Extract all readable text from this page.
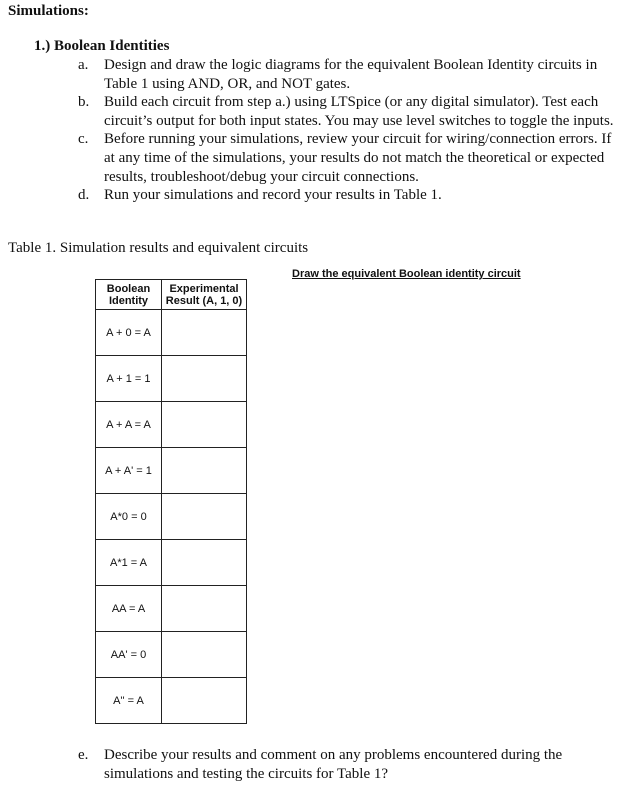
Simulations:
1.) Boolean Identities
a. Design and draw the logic diagrams for the equivalent Boolean Identity circuits in Table 1 using AND, OR, and NOT gates.
b. Build each circuit from step a.) using LTSpice (or any digital simulator). Test each circuit’s output for both input states. You may use level switches to toggle the inputs.
c. Before running your simulations, review your circuit for wiring/connection errors. If at any time of the simulations, your results do not match the theoretical or expected results, troubleshoot/debug your circuit connections.
d. Run your simulations and record your results in Table 1.
Table 1. Simulation results and equivalent circuits
Draw the equivalent Boolean identity circuit
Boolean Identity	Experimental Result (A, 1, 0)
A + 0 = A	
A + 1 = 1	
A + A = A	
A + A' = 1	
A*0 = 0	
A*1 = A	
AA = A	
AA' = 0	
A'' = A	
e. Describe your results and comment on any problems encountered during the simulations and testing the circuits for Table 1?
